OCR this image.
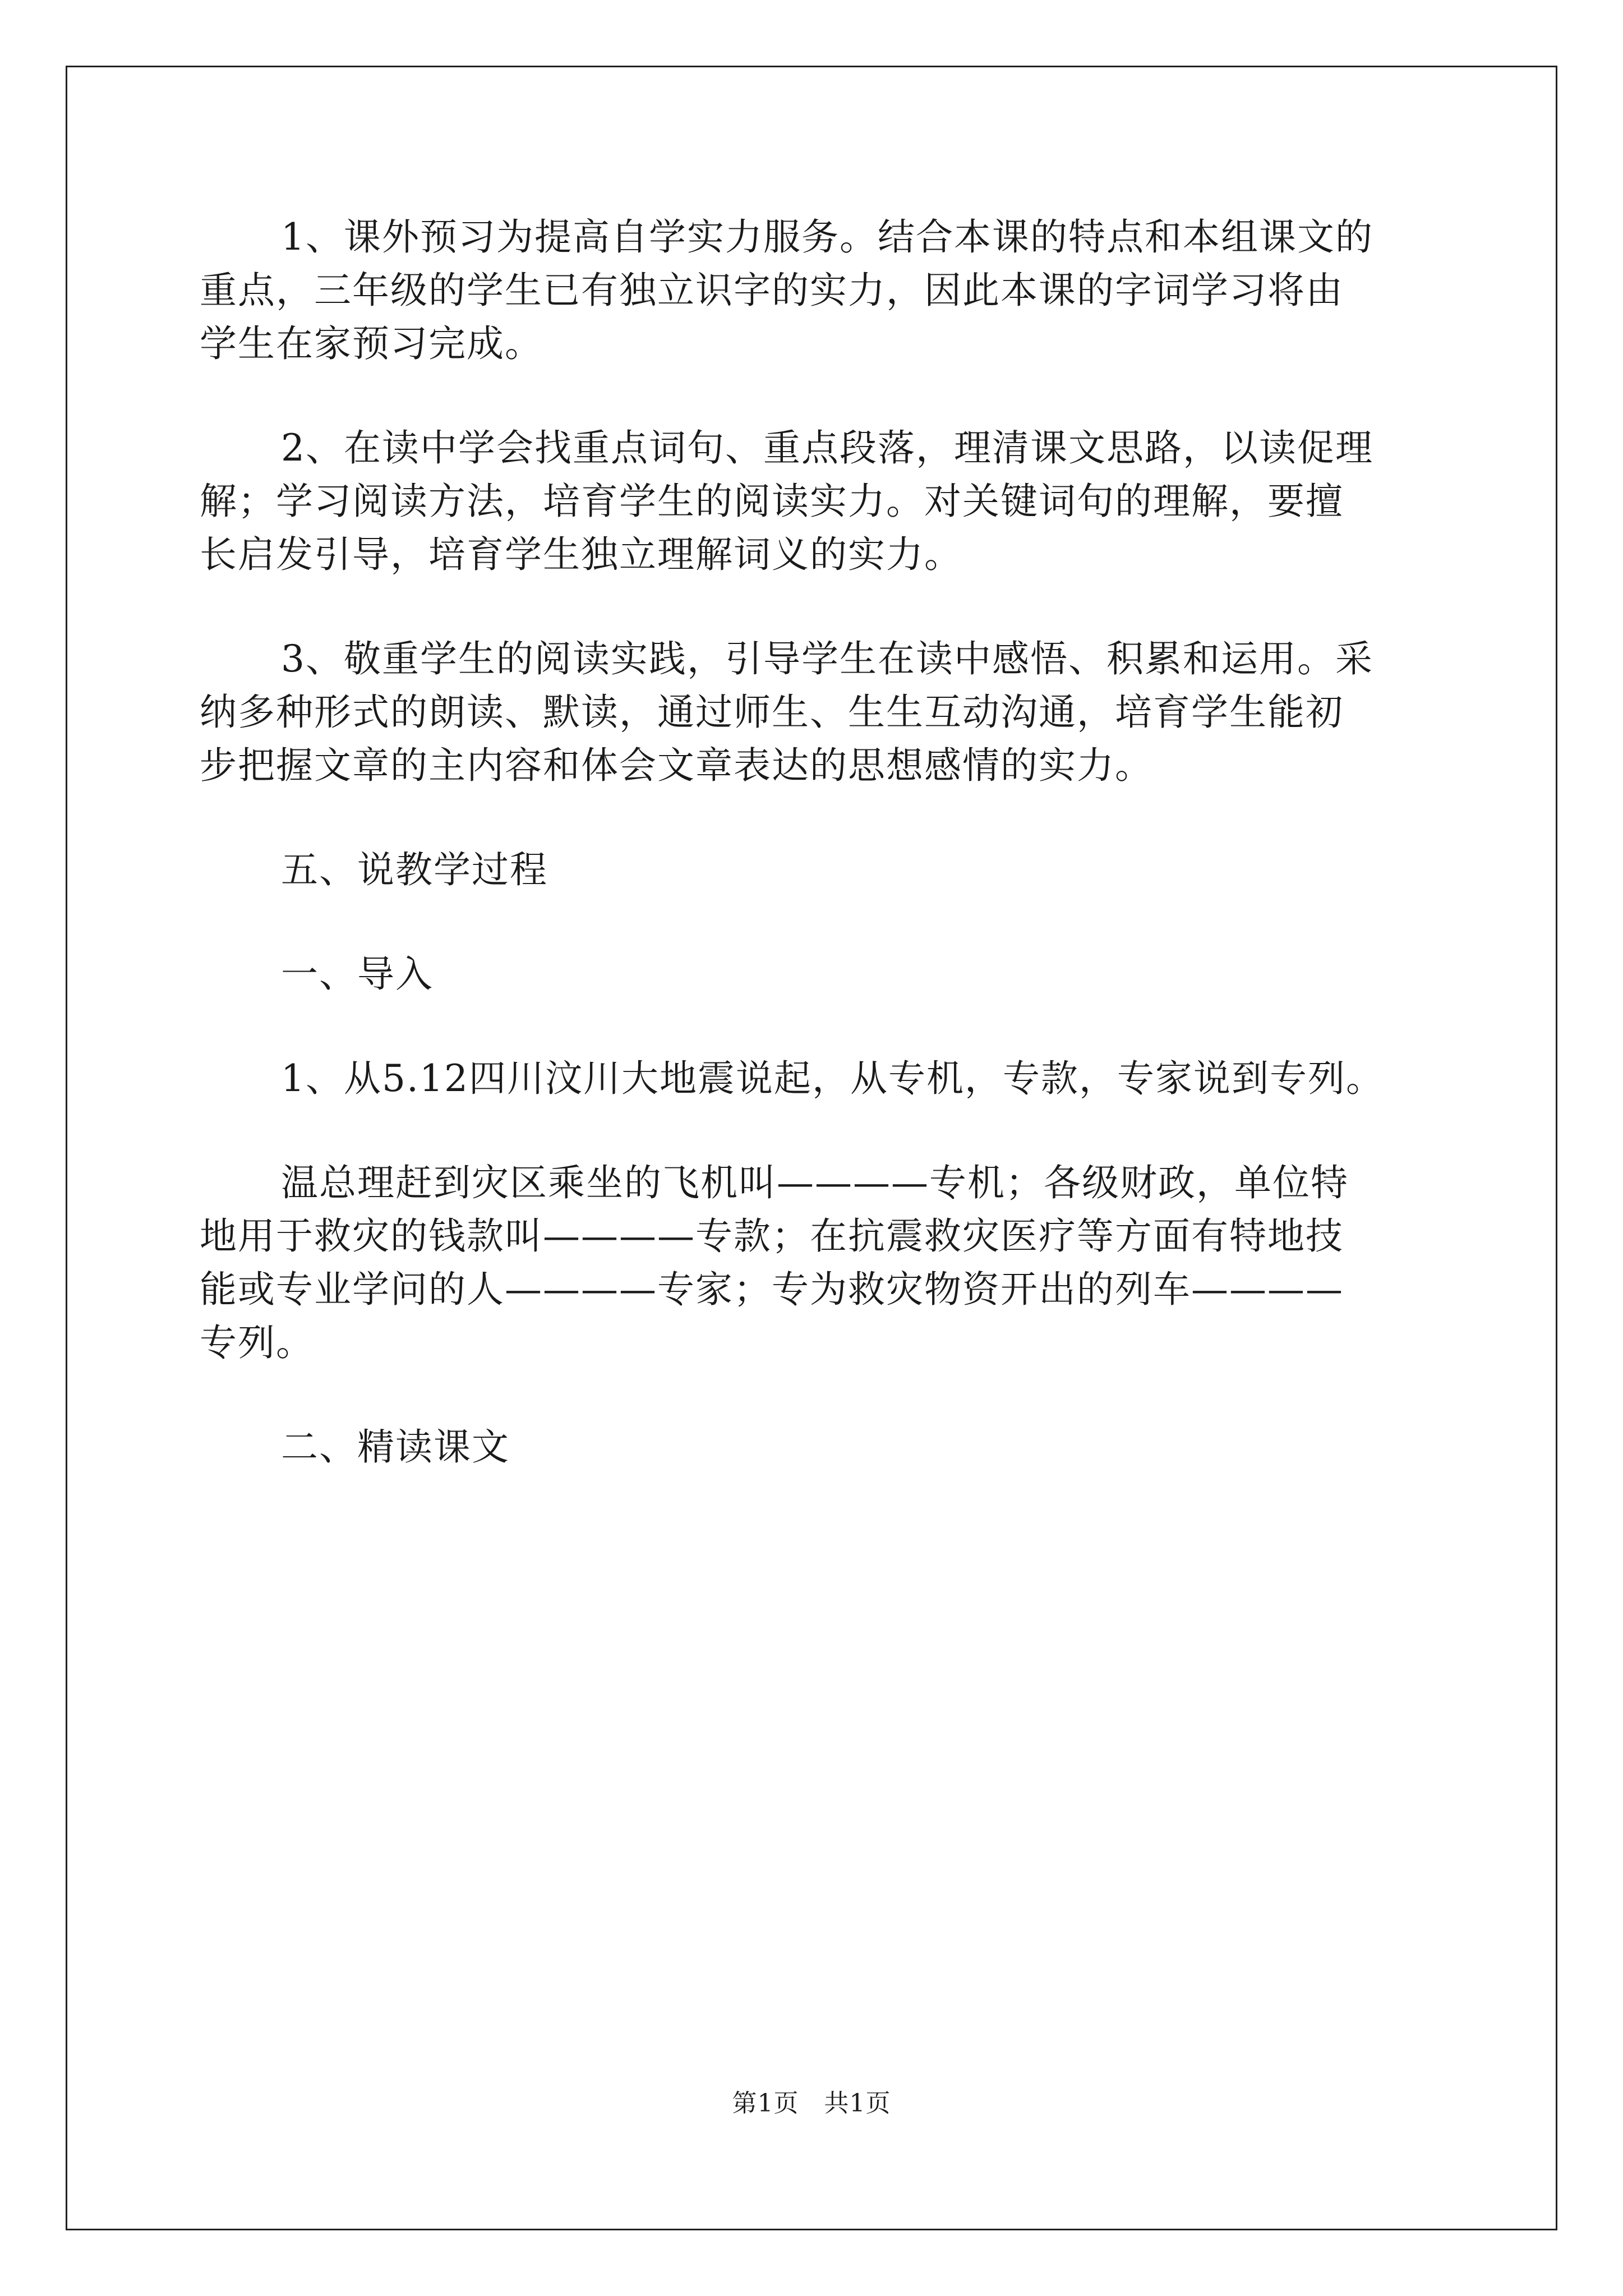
1、课外预习为提高自学实力服务。结合本课的特点和本组课文的
重点，三年级的学生已有独立识字的实力，因此本课的字词学习将由
学生在家预习完成。
2、在读中学会找重点词句、重点段落，理清课文思路，以读促理
解；学习阅读方法，培育学生的阅读实力。对关键词句的理解，要擅
长启发引导，培育学生独立理解词义的实力。
3、敬重学生的阅读实践，引导学生在读中感悟、积累和运用。采
纳多种形式的朗读、默读，通过师生、生生互动沟通，培育学生能初
步把握文章的主内容和体会文章表达的思想感情的实力。
五、说教学过程
一、导入
1、从5.12四川汶川大地震说起，从专机，专款，专家说到专列。
温总理赶到灾区乘坐的飞机叫————专机；各级财政，单位特
地用于救灾的钱款叫————专款；在抗震救灾医疗等方面有特地技
能或专业学问的人————专家；专为救灾物资开出的列车————
专列。
二、精读课文
第1页　共1页
